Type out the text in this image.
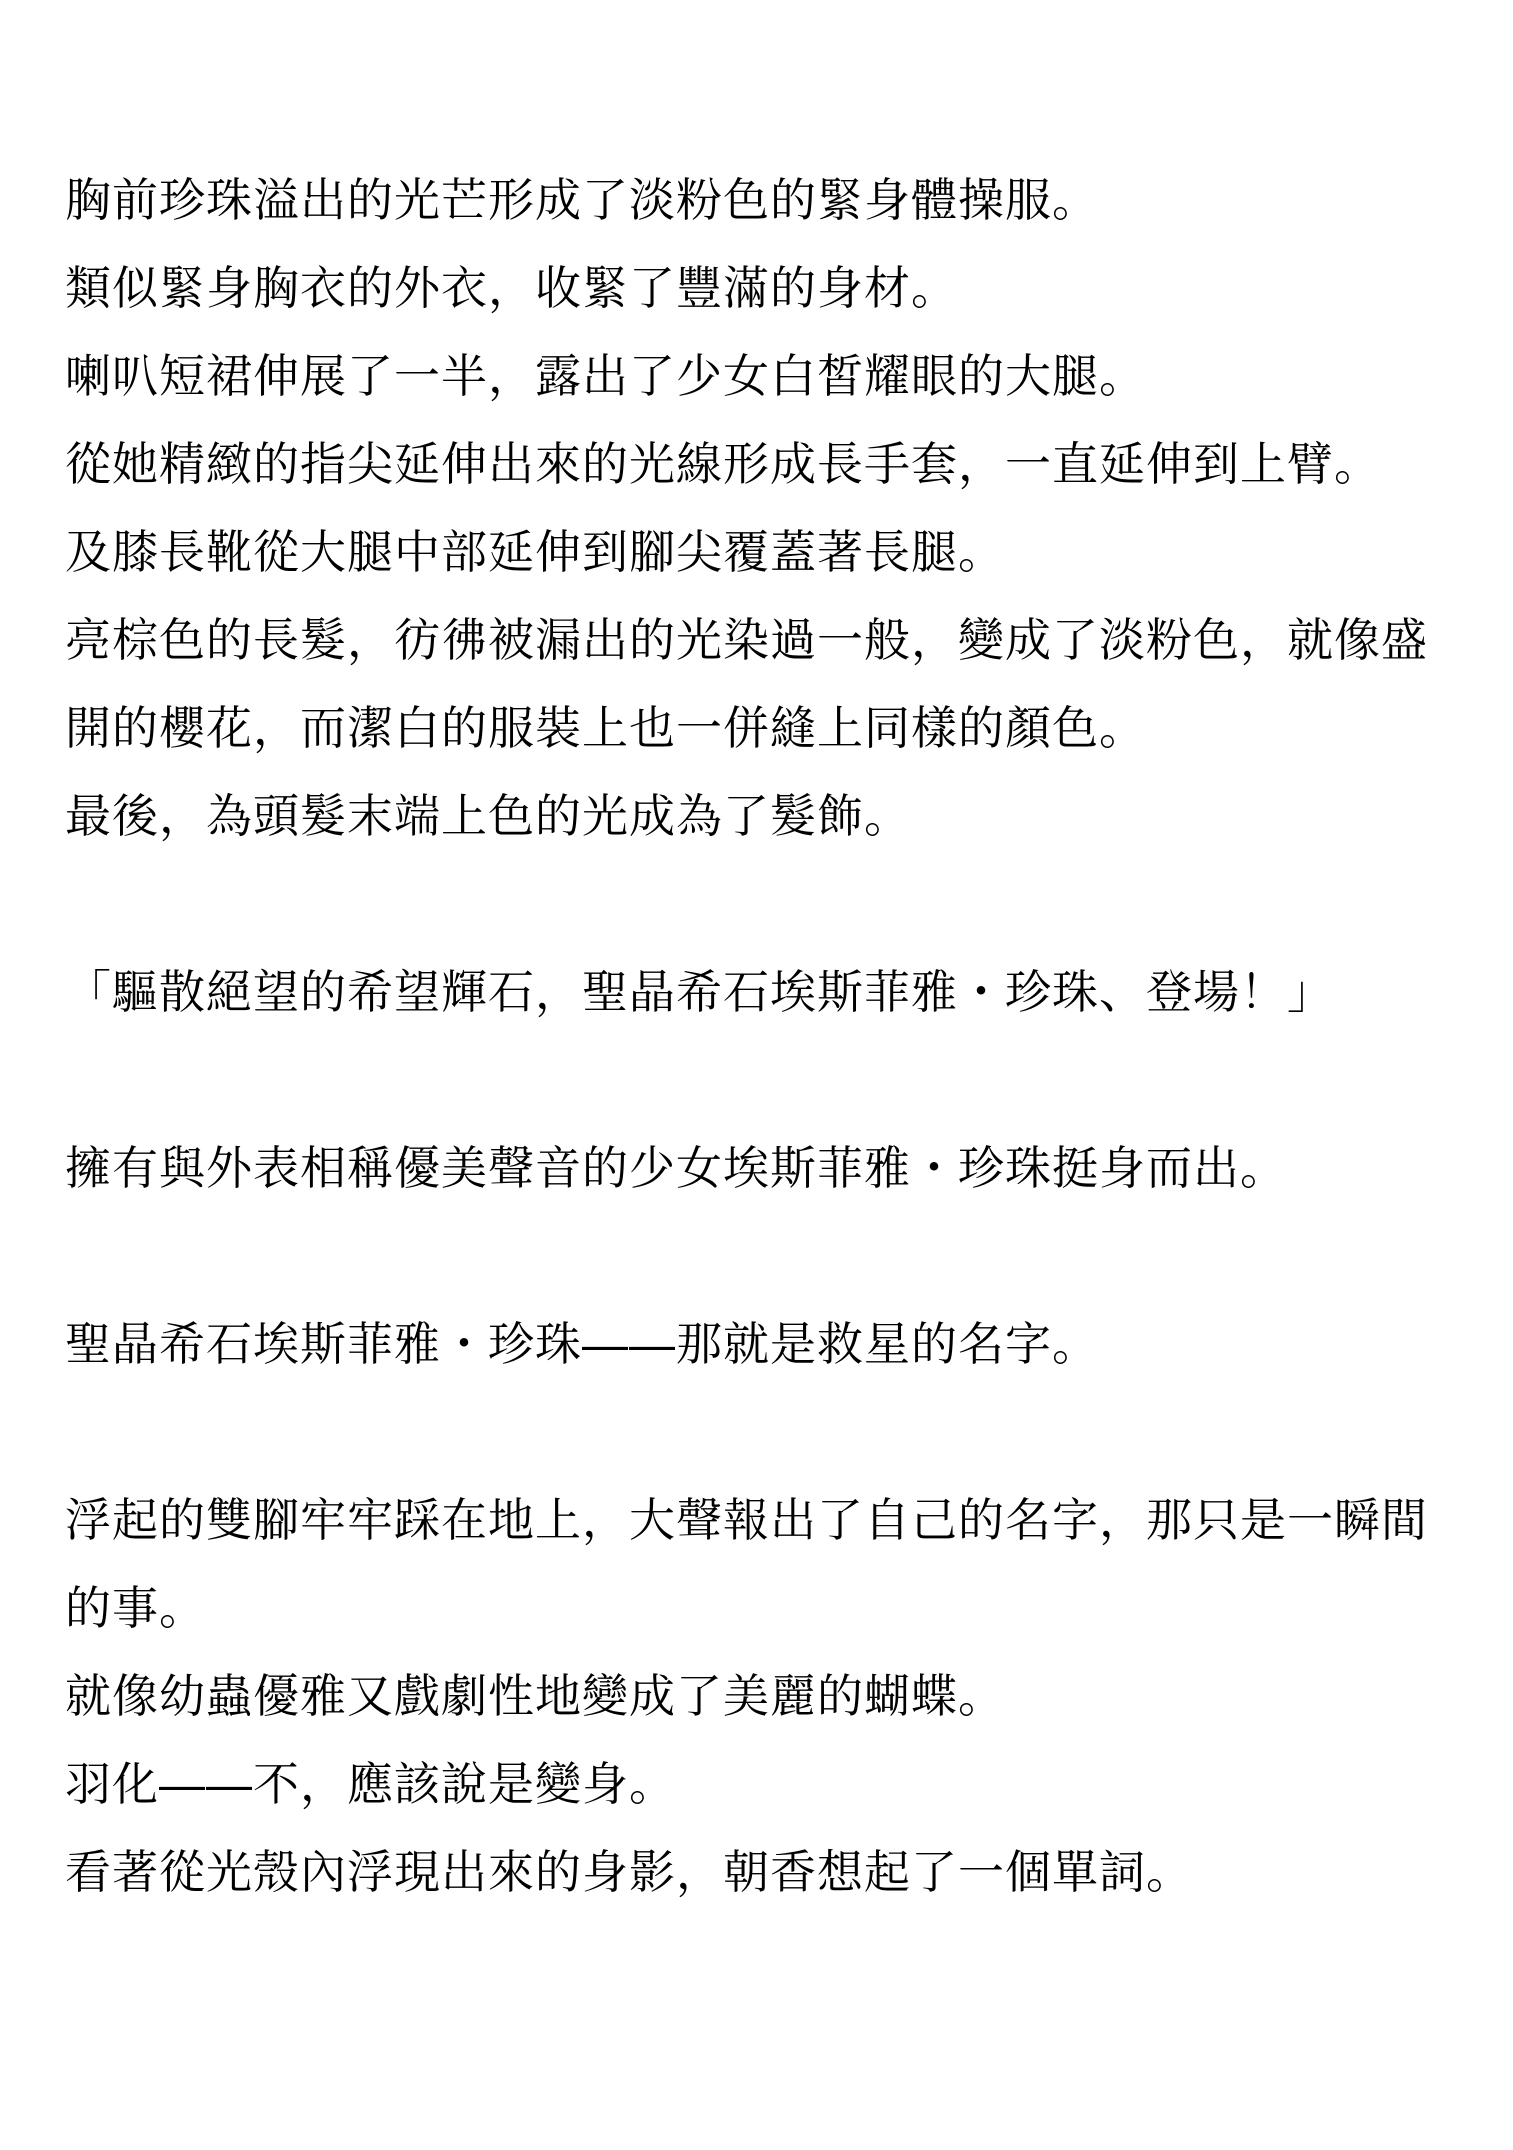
胸前珍珠溢出的光芒形成了淡粉色的緊身體操服。

類似緊身胸衣的外衣，收緊了豐滿的身材。

喇叭短裙伸展了一半，露出了少女白皙耀眼的大腿。

從她精緻的指尖延伸出來的光線形成長手套，一直延伸到上臂。

及膝長靴從大腿中部延伸到腳尖覆蓋著長腿。

亮棕色的長髮，彷彿被漏出的光染過一般，變成了淡粉色，就像盛開的櫻花，而潔白的服裝上也一併縫上同樣的顏色。

最後，為頭髮末端上色的光成為了髮飾。

「驅散絕望的希望輝石，聖晶希石埃斯菲雅・珍珠、登場！」

擁有與外表相稱優美聲音的少女埃斯菲雅・珍珠挺身而出。

聖晶希石埃斯菲雅・珍珠——那就是救星的名字。

浮起的雙腳牢牢踩在地上，大聲報出了自己的名字，那只是一瞬間的事。

就像幼蟲優雅又戲劇性地變成了美麗的蝴蝶。

羽化——不，應該說是變身。

看著從光殼內浮現出來的身影，朝香想起了一個單詞。
